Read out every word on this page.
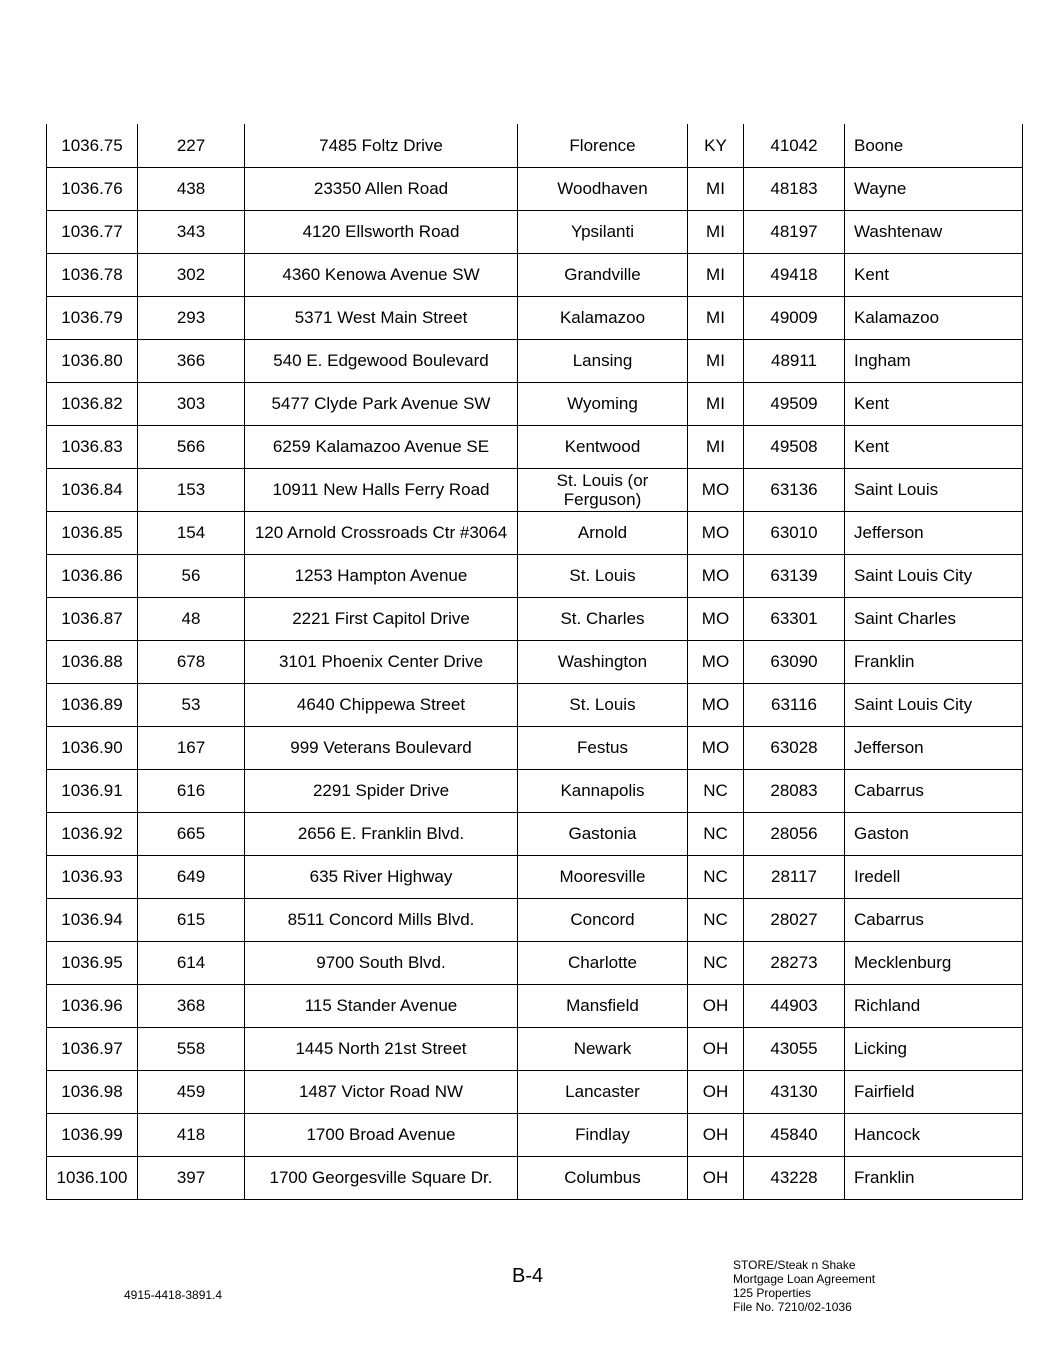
1036.75	227	7485 Foltz Drive	Florence	KY	41042	Boone
1036.76	438	23350 Allen Road	Woodhaven	MI	48183	Wayne
1036.77	343	4120 Ellsworth Road	Ypsilanti	MI	48197	Washtenaw
1036.78	302	4360 Kenowa Avenue SW	Grandville	MI	49418	Kent
1036.79	293	5371 West Main Street	Kalamazoo	MI	49009	Kalamazoo
1036.80	366	540 E. Edgewood Boulevard	Lansing	MI	48911	Ingham
1036.82	303	5477 Clyde Park Avenue SW	Wyoming	MI	49509	Kent
1036.83	566	6259 Kalamazoo Avenue SE	Kentwood	MI	49508	Kent
1036.84	153	10911 New Halls Ferry Road	St. Louis (or Ferguson)	MO	63136	Saint Louis
1036.85	154	120 Arnold Crossroads Ctr #3064	Arnold	MO	63010	Jefferson
1036.86	56	1253 Hampton Avenue	St. Louis	MO	63139	Saint Louis City
1036.87	48	2221 First Capitol Drive	St. Charles	MO	63301	Saint Charles
1036.88	678	3101 Phoenix Center Drive	Washington	MO	63090	Franklin
1036.89	53	4640 Chippewa Street	St. Louis	MO	63116	Saint Louis City
1036.90	167	999 Veterans Boulevard	Festus	MO	63028	Jefferson
1036.91	616	2291 Spider Drive	Kannapolis	NC	28083	Cabarrus
1036.92	665	2656 E. Franklin Blvd.	Gastonia	NC	28056	Gaston
1036.93	649	635 River Highway	Mooresville	NC	28117	Iredell
1036.94	615	8511 Concord Mills Blvd.	Concord	NC	28027	Cabarrus
1036.95	614	9700 South Blvd.	Charlotte	NC	28273	Mecklenburg
1036.96	368	115 Stander Avenue	Mansfield	OH	44903	Richland
1036.97	558	1445 North 21st Street	Newark	OH	43055	Licking
1036.98	459	1487 Victor Road NW	Lancaster	OH	43130	Fairfield
1036.99	418	1700 Broad Avenue	Findlay	OH	45840	Hancock
1036.100	397	1700 Georgesville Square Dr.	Columbus	OH	43228	Franklin
B-4
4915-4418-3891.4
STORE/Steak n Shake
Mortgage Loan Agreement
125 Properties
File No. 7210/02-1036
